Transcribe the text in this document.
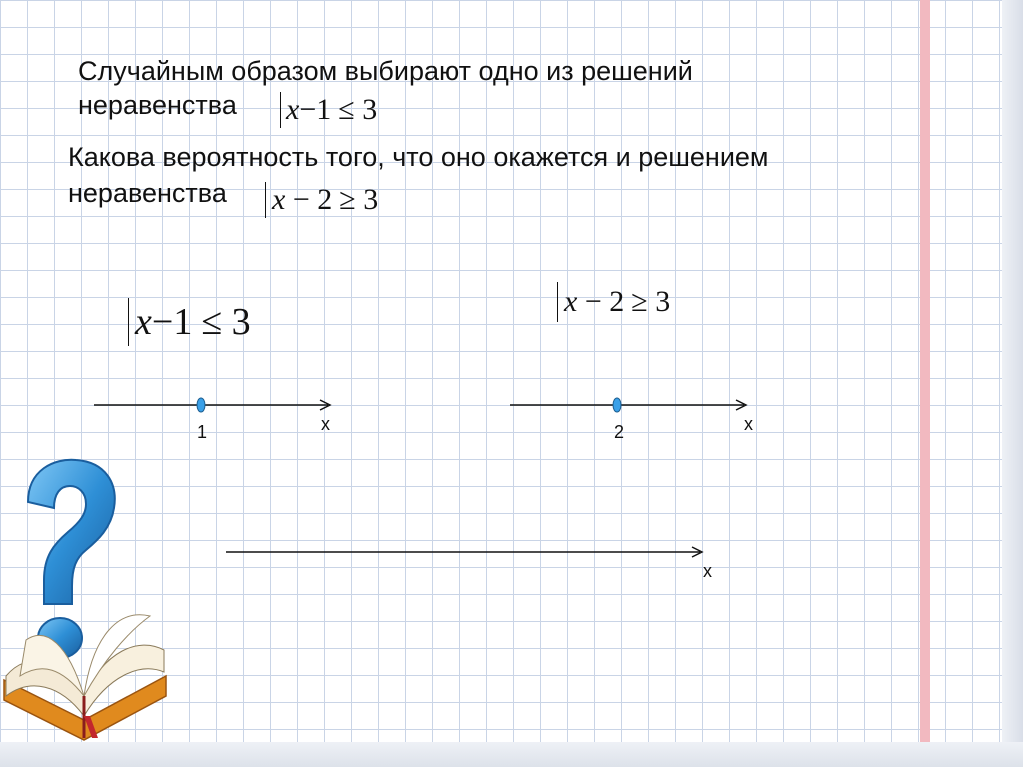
Случайным образом выбирают одно из решений
неравенства x−1 ≤ 3
Какова вероятность того, что оно окажется и решением
неравенства x − 2 ≥ 3
x−1 ≤ 3	x − 2 ≥ 3
1	x	2	x
x
